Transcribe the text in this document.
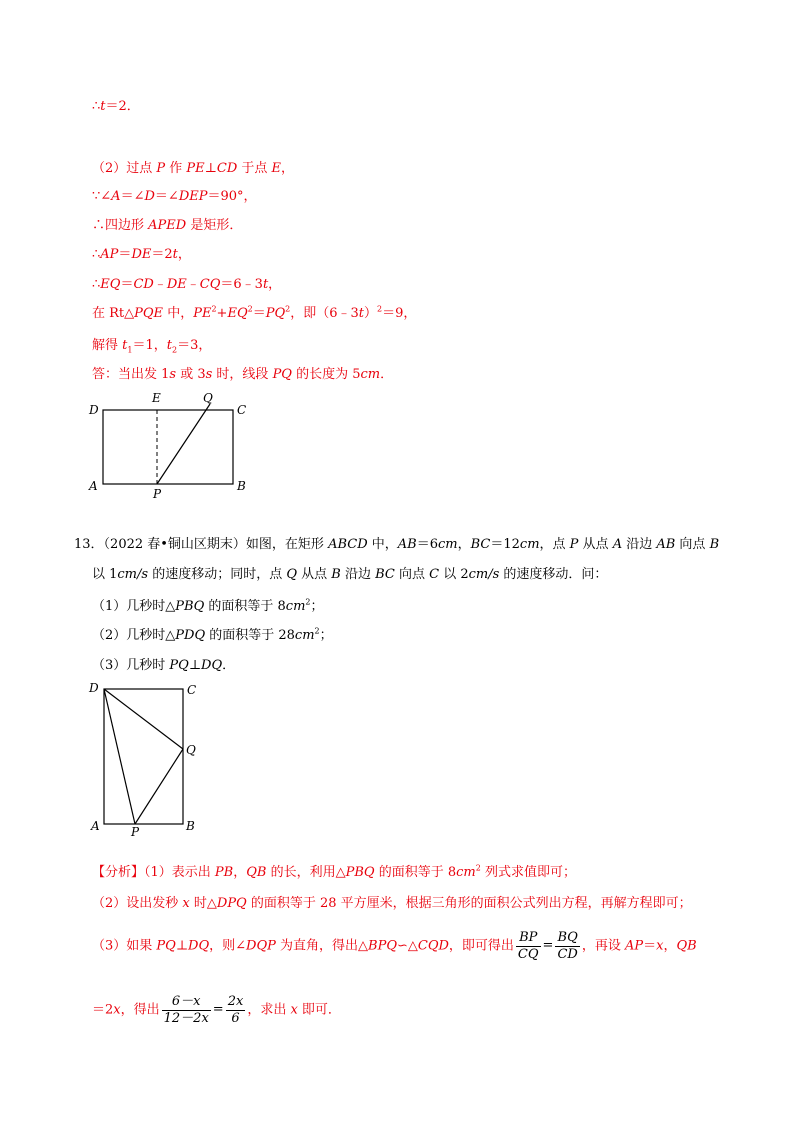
∴t＝2．
（2）过点 P 作 PE⊥CD 于点 E，
∵∠A＝∠D＝∠DEP＝90°，
∴四边形 APED 是矩形．
∴AP＝DE＝2t，
∴EQ＝CD﹣DE﹣CQ＝6﹣3t，
在 Rt△PQE 中，$PE^2+EQ^2=PQ^2$，即（6﹣3t）$^2$＝9，
解得 $t_1=1$，$t_2=3$，
答：当出发 1s 或 3s 时，线段 PQ 的长度为 5cm．
D
E	Q
C
A
P
B
13．（2022 春•铜山区期末）如图，在矩形 ABCD 中，AB＝6cm，BC＝12cm，点 P 从点 A 沿边 AB 向点 B
以 1cm/s 的速度移动；同时，点 Q 从点 B 沿边 BC 向点 C 以 2cm/s 的速度移动．问：
（1）几秒时△PBQ 的面积等于 $8cm^2$；
（2）几秒时△PDQ 的面积等于 $28cm^2$；
（3）几秒时 PQ⊥DQ．
D	C
Q
A	P	B
【分析】（1）表示出 PB，QB 的长，利用△PBQ 的面积等于 $8cm^2$ 列式求值即可；
（2）设出发秒 x 时△DPQ 的面积等于 28 平方厘米，根据三角形的面积公式列出方程，再解方程即可；
（3）如果 PQ⊥DQ，则∠DQP 为直角，得出△BPQ∽△CQD，即可得出 $\frac{BP}{CQ} = \frac{BQ}{CD}$ ，再设 AP＝x，QB
＝2x，得出 $\frac{6-x}{12-2x} = \frac{2x}{6}$ ，求出 x 即可．
